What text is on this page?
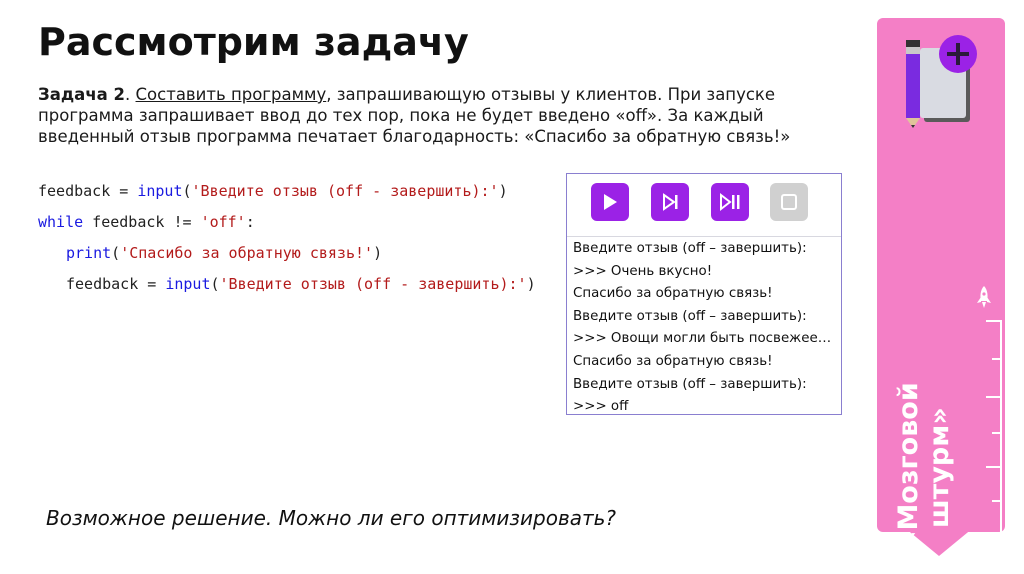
Рассмотрим задачу
Задача 2. Составить программу, запрашивающую отзывы у клиентов. При запуске программа запрашивает ввод до тех пор, пока не будет введено «off». За каждый введенный отзыв программа печатает благодарность: «Спасибо за обратную связь!»
feedback = input('Введите отзыв (off - завершить):')
while feedback != 'off':
print('Спасибо за обратную связь!')
feedback = input('Введите отзыв (off - завершить):')
Введите отзыв (off – завершить):
>>> Очень вкусно!
Спасибо за обратную связь!
Введите отзыв (off – завершить):
>>> Овощи могли быть посвежее…
Спасибо за обратную связь!
Введите отзыв (off – завершить):
>>> off
Возможное решение. Можно ли его оптимизировать?	«Мозговой штурм»
